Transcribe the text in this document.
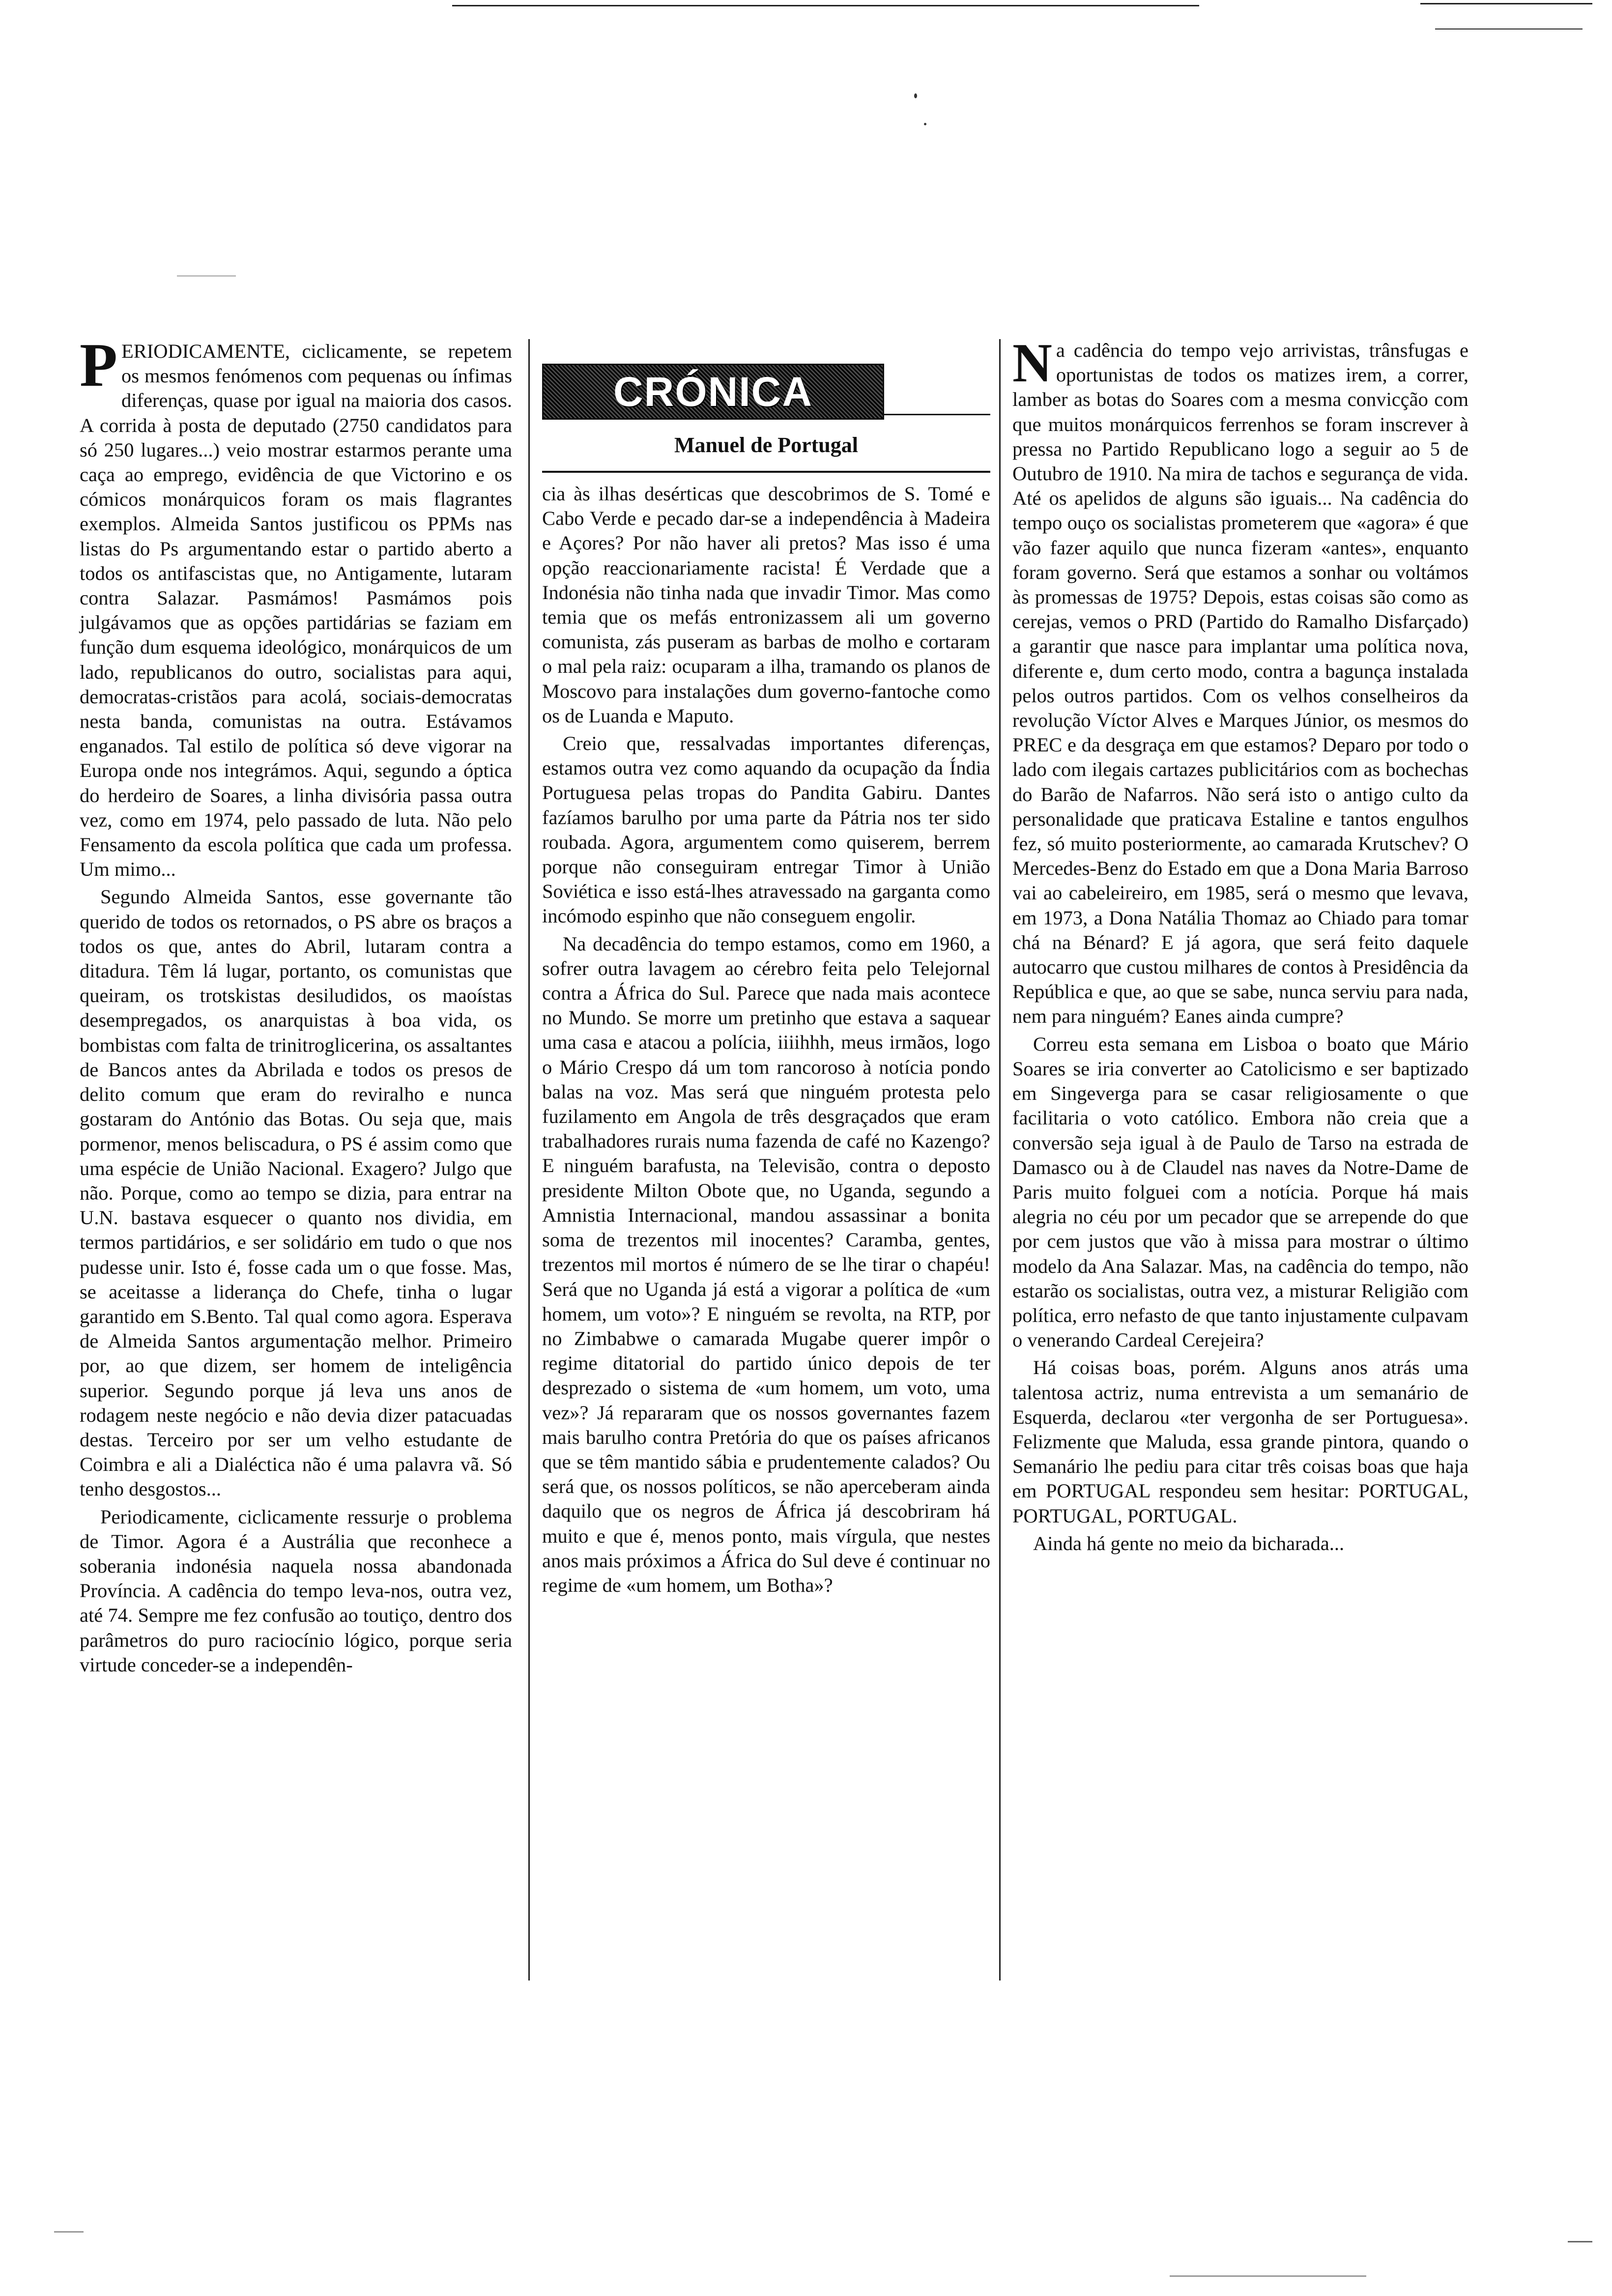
PERIODICAMENTE, ciclicamente, se repetem os mesmos fenómenos com pequenas ou ínfimas diferenças, quase por igual na maioria dos casos. A corrida à posta de deputado (2750 candidatos para só 250 lugares...) veio mostrar estarmos perante uma caça ao emprego, evidência de que Victorino e os cómicos monárquicos foram os mais flagrantes exemplos. Almeida Santos justificou os PPMs nas listas do Ps argumentando estar o partido aberto a todos os antifascistas que, no Antigamente, lutaram contra Salazar. Pasmámos! Pasmámos pois julgávamos que as opções partidárias se faziam em função dum esquema ideológico, monárquicos de um lado, republicanos do outro, socialistas para aqui, democratas-cristãos para acolá, sociais-democratas nesta banda, comunistas na outra. Estávamos enganados. Tal estilo de política só deve vigorar na Europa onde nos integrámos. Aqui, segundo a óptica do herdeiro de Soares, a linha divisória passa outra vez, como em 1974, pelo passado de luta. Não pelo Fensamento da escola política que cada um professa. Um mimo...

Segundo Almeida Santos, esse governante tão querido de todos os retornados, o PS abre os braços a todos os que, antes do Abril, lutaram contra a ditadura. Têm lá lugar, portanto, os comunistas que queiram, os trotskistas desiludidos, os maoístas desempregados, os anarquistas à boa vida, os bombistas com falta de trinitroglicerina, os assaltantes de Bancos antes da Abrilada e todos os presos de delito comum que eram do reviralho e nunca gostaram do António das Botas. Ou seja que, mais pormenor, menos beliscadura, o PS é assim como que uma espécie de União Nacional. Exagero? Julgo que não. Porque, como ao tempo se dizia, para entrar na U.N. bastava esquecer o quanto nos dividia, em termos partidários, e ser solidário em tudo o que nos pudesse unir. Isto é, fosse cada um o que fosse. Mas, se aceitasse a liderança do Chefe, tinha o lugar garantido em S.Bento. Tal qual como agora. Esperava de Almeida Santos argumentação melhor. Primeiro por, ao que dizem, ser homem de inteligência superior. Segundo porque já leva uns anos de rodagem neste negócio e não devia dizer patacuadas destas. Terceiro por ser um velho estudante de Coimbra e ali a Dialéctica não é uma palavra vã. Só tenho desgostos...

Periodicamente, ciclicamente ressurje o problema de Timor. Agora é a Austrália que reconhece a soberania indonésia naquela nossa abandonada Província. A cadência do tempo leva-nos, outra vez, até 74. Sempre me fez confusão ao toutiço, dentro dos parâmetros do puro raciocínio lógico, porque seria virtude conceder-se a independên-

CRÓNICA
Manuel de Portugal

cia às ilhas desérticas que descobrimos de S. Tomé e Cabo Verde e pecado dar-se a independência à Madeira e Açores? Por não haver ali pretos? Mas isso é uma opção reaccionariamente racista! É Verdade que a Indonésia não tinha nada que invadir Timor. Mas como temia que os mefás entronizassem ali um governo comunista, zás puseram as barbas de molho e cortaram o mal pela raiz: ocuparam a ilha, tramando os planos de Moscovo para instalações dum governo-fantoche como os de Luanda e Maputo.

Creio que, ressalvadas importantes diferenças, estamos outra vez como aquando da ocupação da Índia Portuguesa pelas tropas do Pandita Gabiru. Dantes fazíamos barulho por uma parte da Pátria nos ter sido roubada. Agora, argumentem como quiserem, berrem porque não conseguiram entregar Timor à União Soviética e isso está-lhes atravessado na garganta como incómodo espinho que não conseguem engolir.

Na decadência do tempo estamos, como em 1960, a sofrer outra lavagem ao cérebro feita pelo Telejornal contra a África do Sul. Parece que nada mais acontece no Mundo. Se morre um pretinho que estava a saquear uma casa e atacou a polícia, iiiihhh, meus irmãos, logo o Mário Crespo dá um tom rancoroso à notícia pondo balas na voz. Mas será que ninguém protesta pelo fuzilamento em Angola de três desgraçados que eram trabalhadores rurais numa fazenda de café no Kazengo? E ninguém barafusta, na Televisão, contra o deposto presidente Milton Obote que, no Uganda, segundo a Amnistia Internacional, mandou assassinar a bonita soma de trezentos mil inocentes? Caramba, gentes, trezentos mil mortos é número de se lhe tirar o chapéu! Será que no Uganda já está a vigorar a política de «um homem, um voto»? E ninguém se revolta, na RTP, por no Zimbabwe o camarada Mugabe querer impôr o regime ditatorial do partido único depois de ter desprezado o sistema de «um homem, um voto, uma vez»? Já repararam que os nossos governantes fazem mais barulho contra Pretória do que os países africanos que se têm mantido sábia e prudentemente calados? Ou será que, os nossos políticos, se não aperceberam ainda daquilo que os negros de África já descobriram há muito e que é, menos ponto, mais vírgula, que nestes anos mais próximos a África do Sul deve é continuar no regime de «um homem, um Botha»?

Na cadência do tempo vejo arrivistas, trânsfugas e oportunistas de todos os matizes irem, a correr, lamber as botas do Soares com a mesma convicção com que muitos monárquicos ferrenhos se foram inscrever à pressa no Partido Republicano logo a seguir ao 5 de Outubro de 1910. Na mira de tachos e segurança de vida. Até os apelidos de alguns são iguais... Na cadência do tempo ouço os socialistas prometerem que «agora» é que vão fazer aquilo que nunca fizeram «antes», enquanto foram governo. Será que estamos a sonhar ou voltámos às promessas de 1975? Depois, estas coisas são como as cerejas, vemos o PRD (Partido do Ramalho Disfarçado) a garantir que nasce para implantar uma política nova, diferente e, dum certo modo, contra a bagunça instalada pelos outros partidos. Com os velhos conselheiros da revolução Víctor Alves e Marques Júnior, os mesmos do PREC e da desgraça em que estamos? Deparo por todo o lado com ilegais cartazes publicitários com as bochechas do Barão de Nafarros. Não será isto o antigo culto da personalidade que praticava Estaline e tantos engulhos fez, só muito posteriormente, ao camarada Krutschev? O Mercedes-Benz do Estado em que a Dona Maria Barroso vai ao cabeleireiro, em 1985, será o mesmo que levava, em 1973, a Dona Natália Thomaz ao Chiado para tomar chá na Bénard? E já agora, que será feito daquele autocarro que custou milhares de contos à Presidência da República e que, ao que se sabe, nunca serviu para nada, nem para ninguém? Eanes ainda cumpre?

Correu esta semana em Lisboa o boato que Mário Soares se iria converter ao Catolicismo e ser baptizado em Singeverga para se casar religiosamente o que facilitaria o voto católico. Embora não creia que a conversão seja igual à de Paulo de Tarso na estrada de Damasco ou à de Claudel nas naves da Notre-Dame de Paris muito folguei com a notícia. Porque há mais alegria no céu por um pecador que se arrepende do que por cem justos que vão à missa para mostrar o último modelo da Ana Salazar. Mas, na cadência do tempo, não estarão os socialistas, outra vez, a misturar Religião com política, erro nefasto de que tanto injustamente culpavam o venerando Cardeal Cerejeira?

Há coisas boas, porém. Alguns anos atrás uma talentosa actriz, numa entrevista a um semanário de Esquerda, declarou «ter vergonha de ser Portuguesa». Felizmente que Maluda, essa grande pintora, quando o Semanário lhe pediu para citar três coisas boas que haja em PORTUGAL respondeu sem hesitar: PORTUGAL, PORTUGAL, PORTUGAL.

Ainda há gente no meio da bicharada...
